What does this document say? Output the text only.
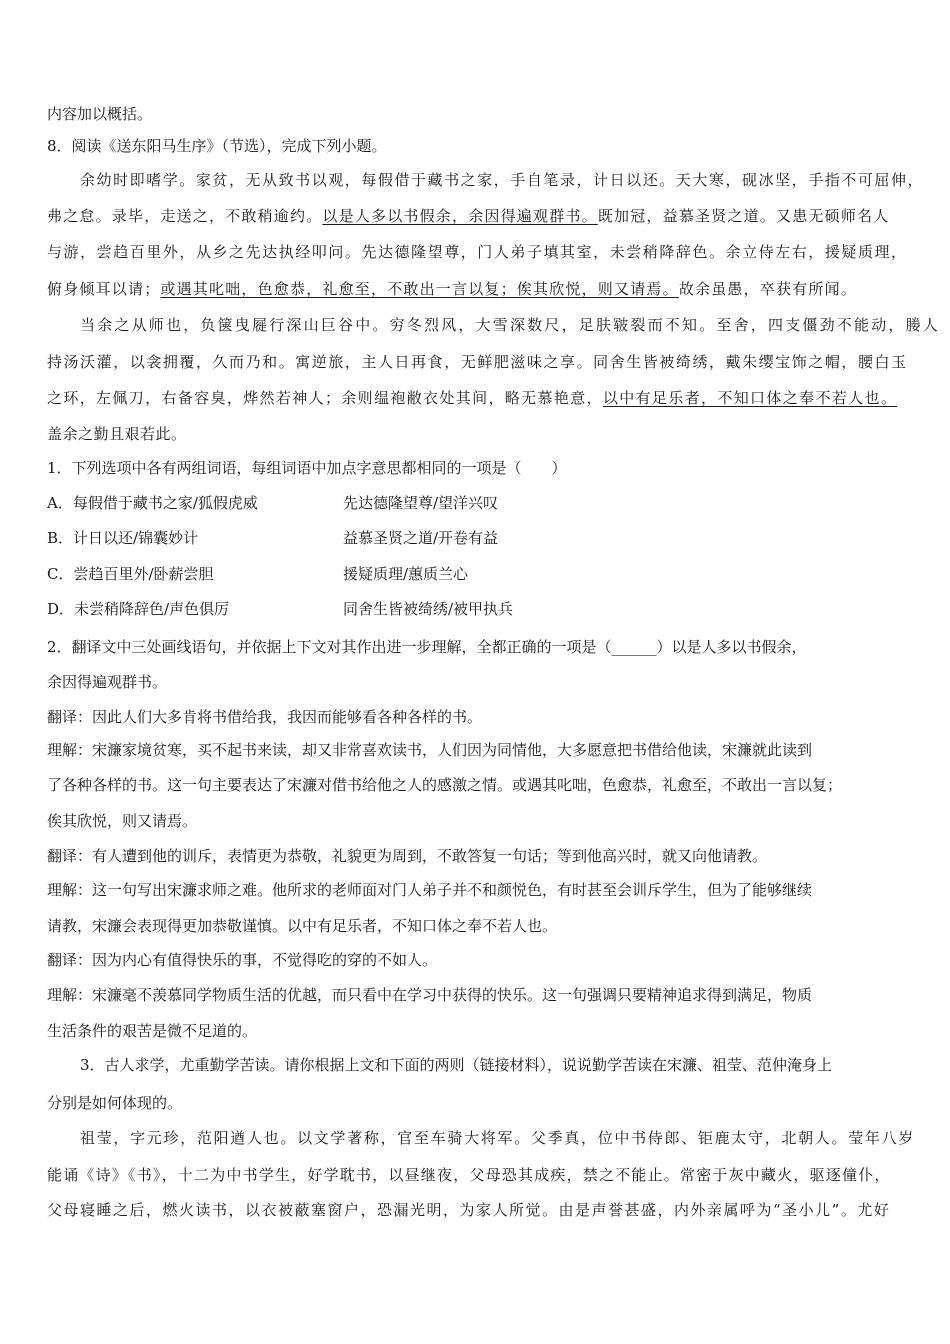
内容加以概括。
8．阅读《送东阳马生序》（节选），完成下列小题。
余幼时即嗜学。家贫，无从致书以观，每假借于藏书之家，手自笔录，计日以还。天大寒，砚冰坚，手指不可屈伸，
弗之怠。录毕，走送之，不敢稍逾约。以是人多以书假余，余因得遍观群书。既加冠，益慕圣贤之道。又患无硕师名人
与游，尝趋百里外，从乡之先达执经叩问。先达德隆望尊，门人弟子填其室，未尝稍降辞色。余立侍左右，援疑质理，
俯身倾耳以请；或遇其叱咄，色愈恭，礼愈至，不敢出一言以复；俟其欣悦，则又请焉。故余虽愚，卒获有所闻。
当余之从师也，负箧曳屣行深山巨谷中。穷冬烈风，大雪深数尺，足肤皲裂而不知。至舍，四支僵劲不能动，媵人
持汤沃灌，以衾拥覆，久而乃和。寓逆旅，主人日再食，无鲜肥滋味之享。同舍生皆被绮绣，戴朱缨宝饰之帽，腰白玉
之环，左佩刀，右备容臭，烨然若神人；余则缊袍敝衣处其间，略无慕艳意，以中有足乐者，不知口体之奉不若人也。
盖余之勤且艰若此。
1．下列选项中各有两组词语，每组词语中加点字意思都相同的一项是（　　）
A．每假借于藏书之家/狐假虎威	先达德隆望尊/望洋兴叹
B．计日以还/锦囊妙计	益慕圣贤之道/开卷有益
C．尝趋百里外/卧薪尝胆	援疑质理/蕙质兰心
D．未尝稍降辞色/声色俱厉	同舍生皆被绮绣/被甲执兵
2．翻译文中三处画线语句，并依据上下文对其作出进一步理解，全都正确的一项是（______）以是人多以书假余，
余因得遍观群书。
翻译：因此人们大多肯将书借给我，我因而能够看各种各样的书。
理解：宋濂家境贫寒，买不起书来读，却又非常喜欢读书，人们因为同情他，大多愿意把书借给他读，宋濂就此读到
了各种各样的书。这一句主要表达了宋濂对借书给他之人的感激之情。或遇其叱咄，色愈恭，礼愈至，不敢出一言以复；
俟其欣悦，则又请焉。
翻译：有人遭到他的训斥，表情更为恭敬，礼貌更为周到，不敢答复一句话；等到他高兴时，就又向他请教。
理解：这一句写出宋濂求师之难。他所求的老师面对门人弟子并不和颜悦色，有时甚至会训斥学生，但为了能够继续
请教，宋濂会表现得更加恭敬谨慎。以中有足乐者，不知口体之奉不若人也。
翻译：因为内心有值得快乐的事，不觉得吃的穿的不如人。
理解：宋濂毫不羡慕同学物质生活的优越，而只看中在学习中获得的快乐。这一句强调只要精神追求得到满足，物质
生活条件的艰苦是微不足道的。
3．古人求学，尤重勤学苦读。请你根据上文和下面的两则（链接材料），说说勤学苦读在宋濂、祖莹、范仲淹身上
分别是如何体现的。
祖莹，字元珍，范阳遒人也。以文学著称，官至车骑大将军。父季真，位中书侍郎、钜鹿太守，北朝人。莹年八岁
能诵《诗》《书》，十二为中书学生，好学耽书，以昼继夜，父母恐其成疾，禁之不能止。常密于灰中藏火，驱逐僮仆，
父母寝睡之后，燃火读书，以衣被蔽塞窗户，恐漏光明，为家人所觉。由是声誉甚盛，内外亲属呼为“圣小儿”。尤好
